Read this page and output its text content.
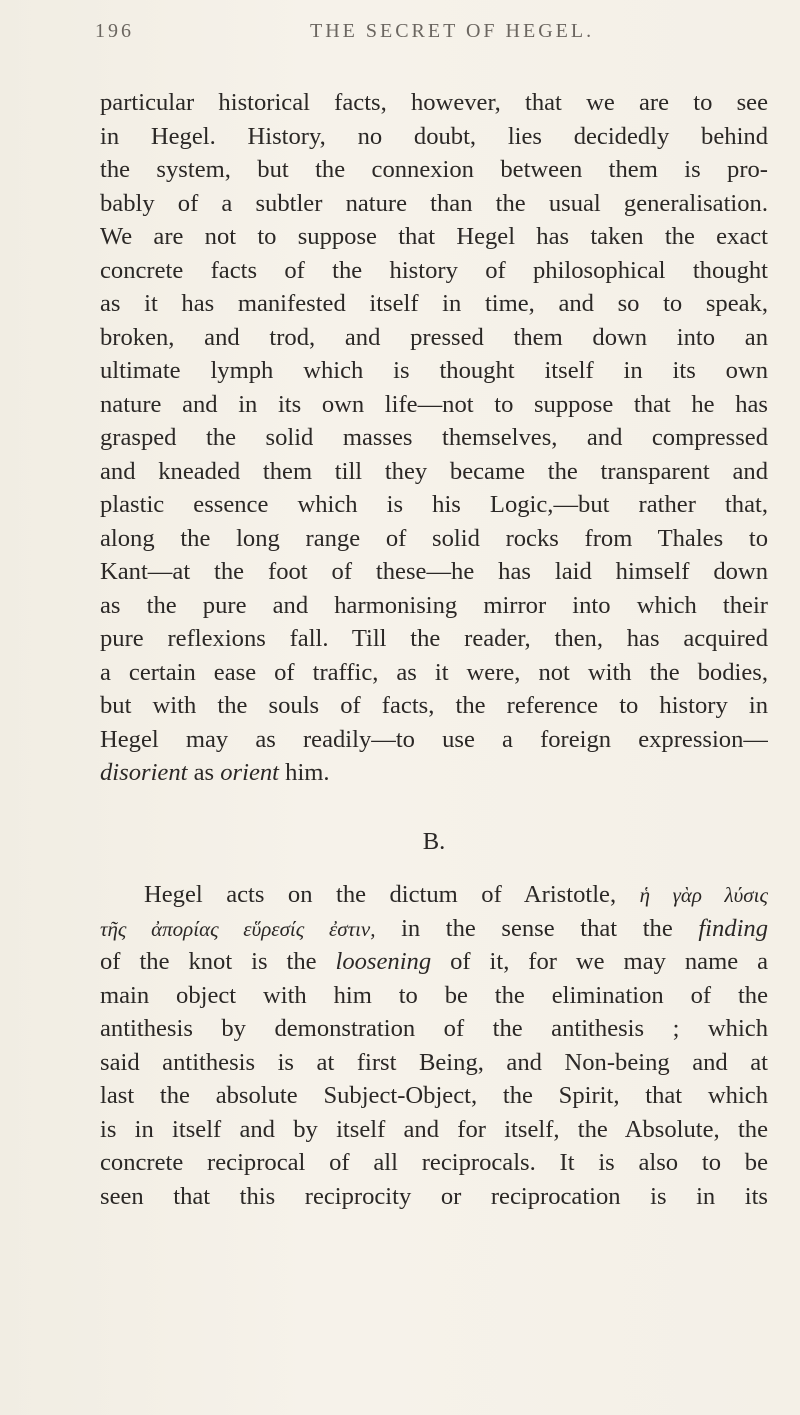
196	THE SECRET OF HEGEL.
particular historical facts, however, that we are to see
in Hegel. History, no doubt, lies decidedly behind
the system, but the connexion between them is pro-
bably of a subtler nature than the usual generalisation.
We are not to suppose that Hegel has taken the exact
concrete facts of the history of philosophical thought
as it has manifested itself in time, and so to speak,
broken, and trod, and pressed them down into an
ultimate lymph which is thought itself in its own
nature and in its own life—not to suppose that he has
grasped the solid masses themselves, and compressed
and kneaded them till they became the transparent and
plastic essence which is his Logic,—but rather that,
along the long range of solid rocks from Thales to
Kant—at the foot of these—he has laid himself down
as the pure and harmonising mirror into which their
pure reflexions fall. Till the reader, then, has acquired
a certain ease of traffic, as it were, not with the bodies,
but with the souls of facts, the reference to history in
Hegel may as readily—to use a foreign expression—
disorient as orient him.
B.
Hegel acts on the dictum of Aristotle, ἡ γὰρ λύσις
τῆς ἀπορίας εὕρεσίς ἐστιν, in the sense that the finding
of the knot is the loosening of it, for we may name a
main object with him to be the elimination of the
antithesis by demonstration of the antithesis ; which
said antithesis is at first Being, and Non-being and at
last the absolute Subject-Object, the Spirit, that which
is in itself and by itself and for itself, the Absolute, the
concrete reciprocal of all reciprocals. It is also to be
seen that this reciprocity or reciprocation is in its
